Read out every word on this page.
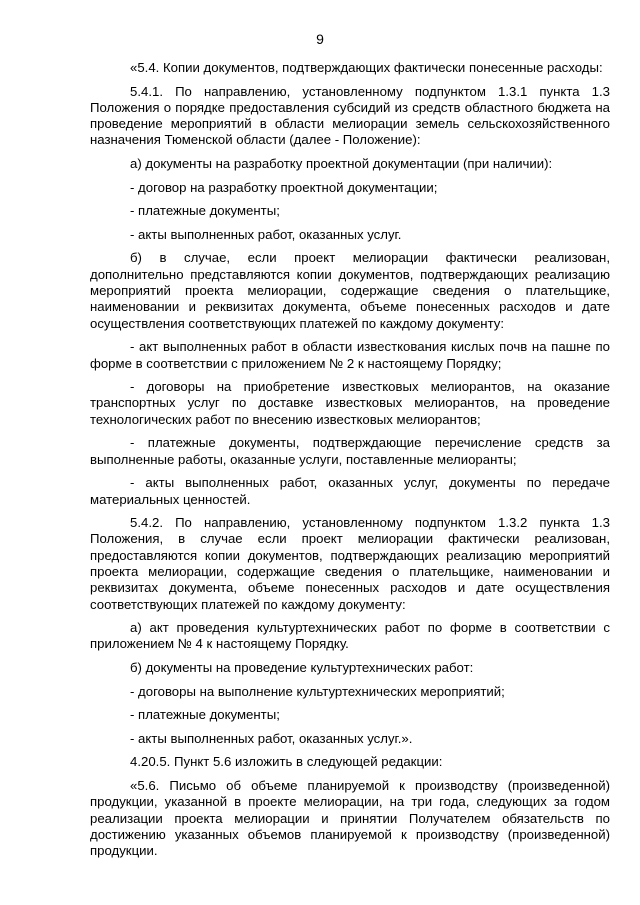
9

«5.4. Копии документов, подтверждающих фактически понесенные расходы:

5.4.1. По направлению, установленному подпунктом 1.3.1 пункта 1.3 Положения о порядке предоставления субсидий из средств областного бюджета на проведение мероприятий в области мелиорации земель сельскохозяйственного назначения Тюменской области (далее - Положение):

а) документы на разработку проектной документации (при наличии):

- договор на разработку проектной документации;

- платежные документы;

- акты выполненных работ, оказанных услуг.

б) в случае, если проект мелиорации фактически реализован, дополнительно представляются копии документов, подтверждающих реализацию мероприятий проекта мелиорации, содержащие сведения о плательщике, наименовании и реквизитах документа, объеме понесенных расходов и дате осуществления соответствующих платежей по каждому документу:

- акт выполненных работ в области известкования кислых почв на пашне по форме в соответствии с приложением № 2 к настоящему Порядку;

- договоры на приобретение известковых мелиорантов, на оказание транспортных услуг по доставке известковых мелиорантов, на проведение технологических работ по внесению известковых мелиорантов;

- платежные документы, подтверждающие перечисление средств за выполненные работы, оказанные услуги, поставленные мелиоранты;

- акты выполненных работ, оказанных услуг, документы по передаче материальных ценностей.

5.4.2. По направлению, установленному подпунктом 1.3.2 пункта 1.3 Положения, в случае если проект мелиорации фактически реализован, предоставляются копии документов, подтверждающих реализацию мероприятий проекта мелиорации, содержащие сведения о плательщике, наименовании и реквизитах документа, объеме понесенных расходов и дате осуществления соответствующих платежей по каждому документу:

а) акт проведения культуртехнических работ по форме в соответствии с приложением № 4 к настоящему Порядку.

б) документы на проведение культуртехнических работ:

- договоры на выполнение культуртехнических мероприятий;

- платежные документы;

- акты выполненных работ, оказанных услуг.».

4.20.5. Пункт 5.6 изложить в следующей редакции:

«5.6. Письмо об объеме планируемой к производству (произведенной) продукции, указанной в проекте мелиорации, на три года, следующих за годом реализации проекта мелиорации и принятии Получателем обязательств по достижению указанных объемов планируемой к производству (произведенной) продукции.
